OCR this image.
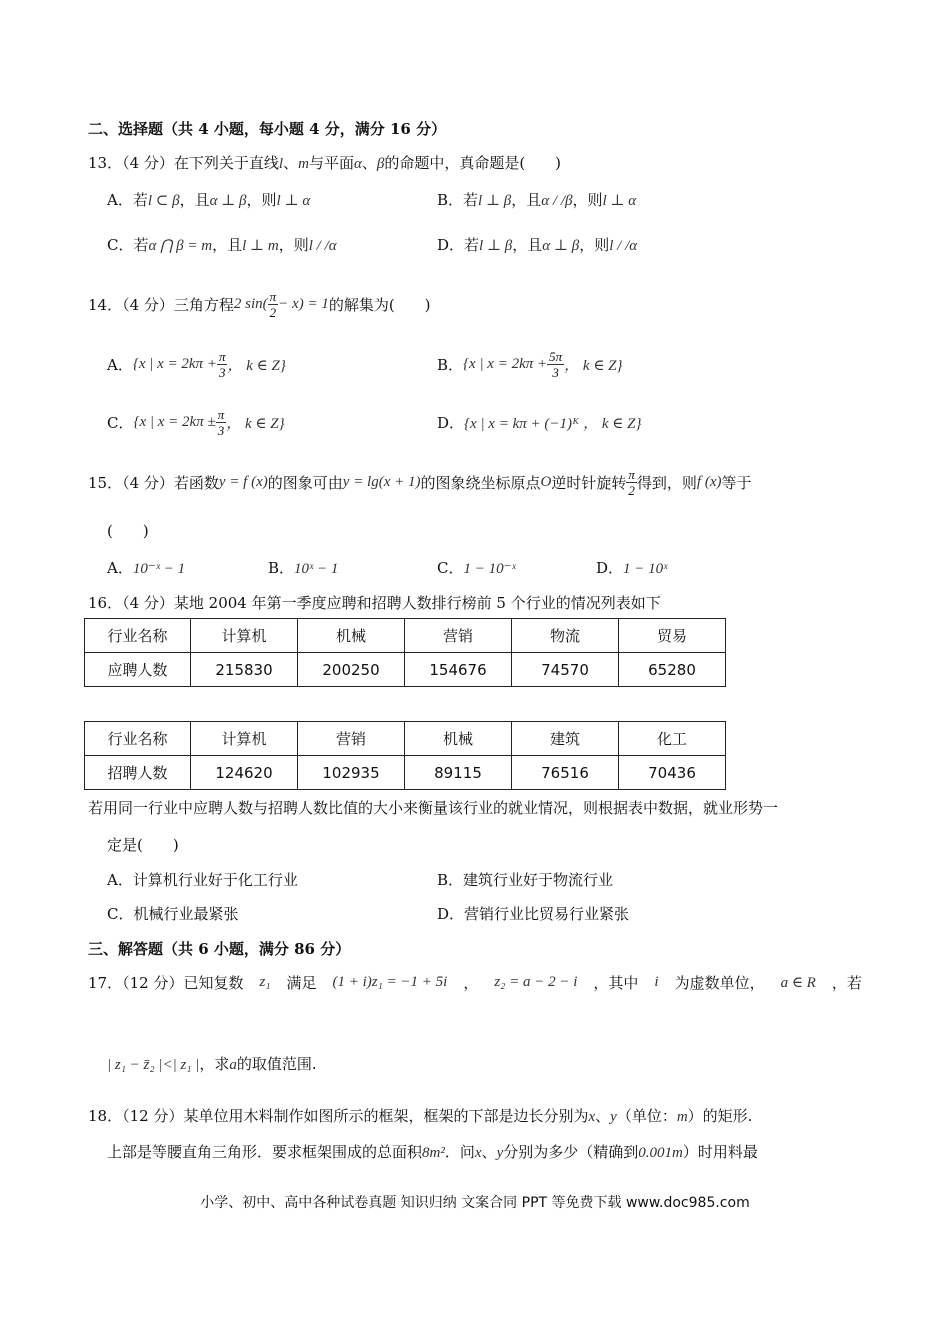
二、选择题（共 4 小题，每小题 4 分，满分 16 分）
13．（4 分）在下列关于直线l、m与平面α、β的命题中，真命题是(　　)
A．若l ⊂ β，且α ⊥ β，则l ⊥ α	B．若l ⊥ β，且α / /β，则l ⊥ α
C．若α ⋂ β = m，且l ⊥ m，则l / /α	D．若l ⊥ β，且α ⊥ β，则l / /α
14．（4 分）三角方程 2 $\sin( \frac{\pi}{2} - x) = 1$ 的解集为(　　)
A． {x | $x = 2k\pi + \frac{\pi}{3}$ ， k ∈ Z}	B． {x | $x = 2k\pi + \frac{5\pi}{3}$ ， k ∈ Z}
C． {x | $x = 2k\pi \pm \frac{\pi}{3}$ ， k ∈ Z}	D． {x | x = kπ + (−1)ᴷ ， k ∈ Z}
15．（4 分）若函数 y = f (x) 的图象可由 y = lg(x + 1) 的图象绕坐标原点 O 逆时针旋转 $\frac{\pi}{2}$ 得到，则 f (x) 等于
(　　)
A．10⁻ˣ − 1	B．10ˣ − 1	C．1 − 10⁻ˣ	D．1 − 10ˣ
16．（4 分）某地 2004 年第一季度应聘和招聘人数排行榜前 5 个行业的情况列表如下
行业名称	计算机	机械	营销	物流	贸易
应聘人数	215830	200250	154676	74570	65280
行业名称	计算机	营销	机械	建筑	化工
招聘人数	124620	102935	89115	76516	70436
若用同一行业中应聘人数与招聘人数比值的大小来衡量该行业的就业情况，则根据表中数据，就业形势一
定是(　　)
A．计算机行业好于化工行业	B．建筑行业好于物流行业
C．机械行业最紧张	D．营销行业比贸易行业紧张
三、解答题（共 6 小题，满分 86 分）
17．（12 分）已知复数 z₁ 满足 (1 + i)z₁ = −1 + 5i ， z₂ = a − 2 − i ，其中 i 为虚数单位， a ∈ R ，若
| z₁ − z̄₂ |<| z₁ |，求a的取值范围.
18．（12 分）某单位用木料制作如图所示的框架，框架的下部是边长分别为x、y（单位：m）的矩形.
上部是等腰直角三角形．要求框架围成的总面积8m²．问x、y分别为多少（精确到0.001m）时用料最
小学、初中、高中各种试卷真题 知识归纳 文案合同 PPT 等免费下载 www.doc985.com
